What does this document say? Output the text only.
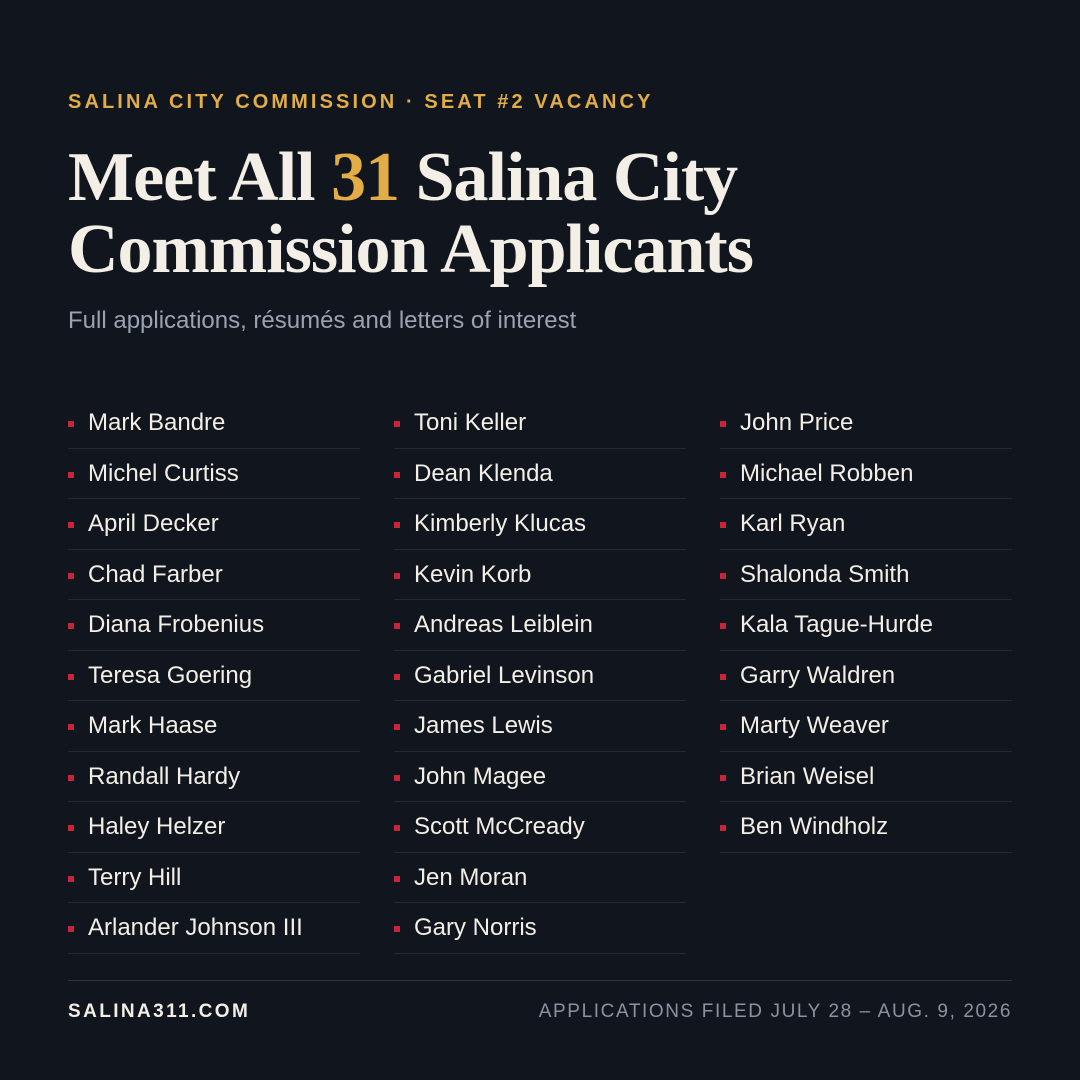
SALINA CITY COMMISSION · SEAT #2 VACANCY
Meet All 31 Salina City
Commission Applicants

Full applications, résumés and letters of interest

Mark Bandre
Michel Curtiss
April Decker
Chad Farber
Diana Frobenius
Teresa Goering
Mark Haase
Randall Hardy
Haley Helzer
Terry Hill
Arlander Johnson III
Toni Keller
Dean Klenda
Kimberly Klucas
Kevin Korb
Andreas Leiblein
Gabriel Levinson
James Lewis
John Magee
Scott McCready
Jen Moran
Gary Norris
John Price
Michael Robben
Karl Ryan
Shalonda Smith
Kala Tague-Hurde
Garry Waldren
Marty Weaver
Brian Weisel
Ben Windholz
SALINA311.COM	APPLICATIONS FILED JULY 28 – AUG. 9, 2026
